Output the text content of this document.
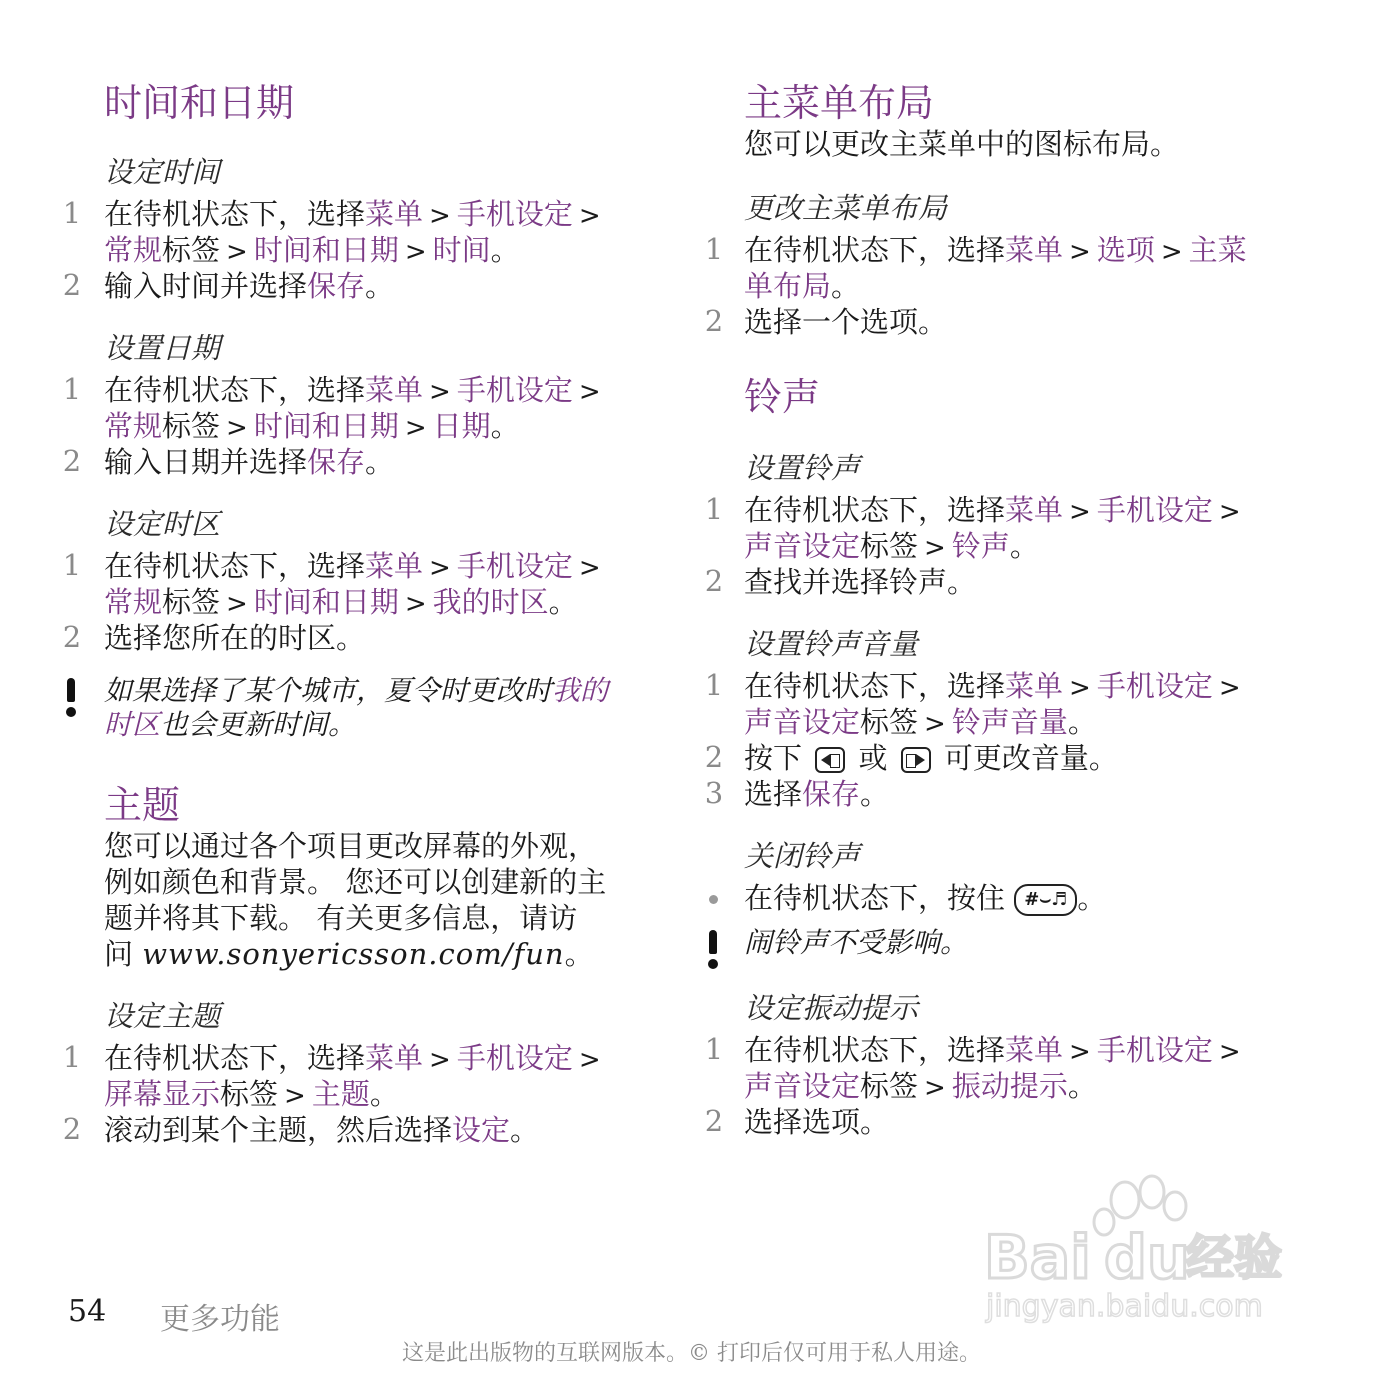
时间和日期
设定时间
1 在待机状态下，选择菜单 > 手机设定 >
常规标签 > 时间和日期 > 时间。
2 输入时间并选择保存。
设置日期
1 在待机状态下，选择菜单 > 手机设定 >
常规标签 > 时间和日期 > 日期。
2 输入日期并选择保存。
设定时区
1 在待机状态下，选择菜单 > 手机设定 >
常规标签 > 时间和日期 > 我的时区。
2 选择您所在的时区。
如果选择了某个城市，夏令时更改时我的
时区也会更新时间。
主题
您可以通过各个项目更改屏幕的外观，
例如颜色和背景。 您还可以创建新的主
题并将其下载。 有关更多信息，请访
问 www.sonyericsson.com/fun。
设定主题
1 在待机状态下，选择菜单 > 手机设定 >
屏幕显示标签 > 主题。
2 滚动到某个主题，然后选择设定。
主菜单布局
您可以更改主菜单中的图标布局。
更改主菜单布局
1 在待机状态下，选择菜单 > 选项 > 主菜
单布局。
2 选择一个选项。
铃声
设置铃声
1 在待机状态下，选择菜单 > 手机设定 >
声音设定标签 > 铃声。
2 查找并选择铃声。
设置铃声音量
1 在待机状态下，选择菜单 > 手机设定 >
声音设定标签 > 铃声音量。
2 按下 或 可更改音量。
3 选择保存。
关闭铃声
在待机状态下，按住 #⌣♬ 。
闹铃声不受影响。
设定振动提示
1 在待机状态下，选择菜单 > 手机设定 >
声音设定标签 > 振动提示。
2 选择选项。
Bai du
经验
jingyan.baidu.com
54 更多功能
这是此出版物的互联网版本。© 打印后仅可用于私人用途。
